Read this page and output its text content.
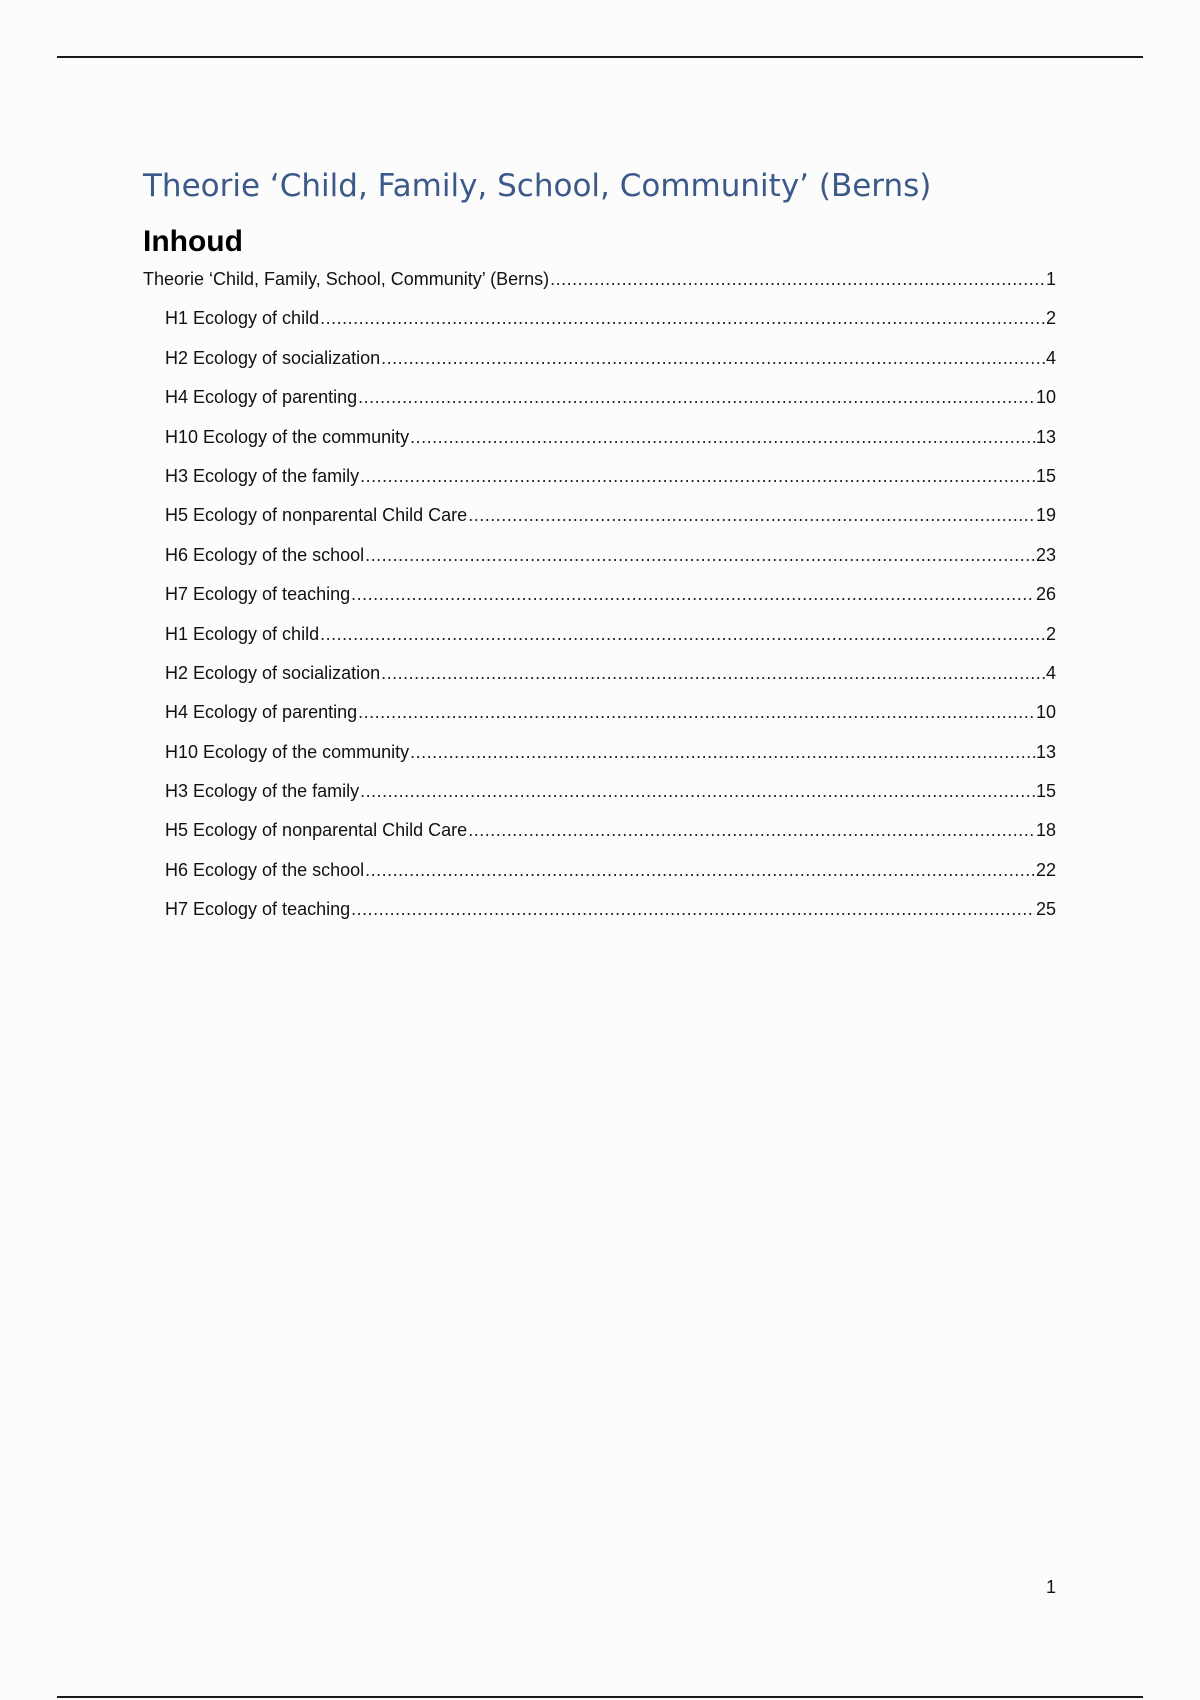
Theorie ‘Child, Family, School, Community’ (Berns)
Inhoud
Theorie ‘Child, Family, School, Community’ (Berns) .....	1
H1 Ecology of child .....	2
H2 Ecology of socialization .....	4
H4 Ecology of parenting .....	10
H10 Ecology of the community .....	13
H3 Ecology of the family .....	15
H5 Ecology of nonparental Child Care .....	19
H6 Ecology of the school .....	23
H7 Ecology of teaching .....	26
H1 Ecology of child .....	2
H2 Ecology of socialization .....	4
H4 Ecology of parenting .....	10
H10 Ecology of the community .....	13
H3 Ecology of the family .....	15
H5 Ecology of nonparental Child Care .....	18
H6 Ecology of the school .....	22
H7 Ecology of teaching .....	25
1
